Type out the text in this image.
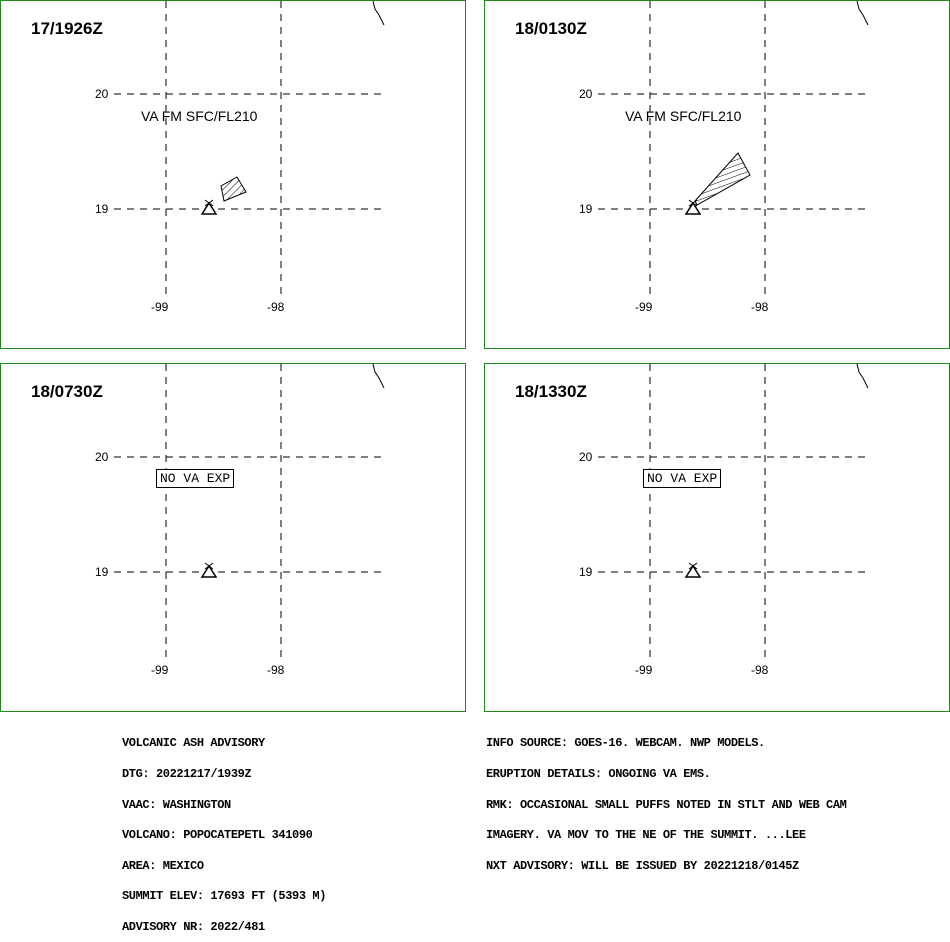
17/1926Z
20
19
-99	-98
VA FM SFC/FL210
18/0130Z
20
19
-99	-98
VA FM SFC/FL210
18/0730Z
20
19
-99	-98
NO VA EXP
18/1330Z
20
19
-99	-98
NO VA EXP

VOLCANIC ASH ADVISORY

DTG: 20221217/1939Z

VAAC: WASHINGTON

VOLCANO: POPOCATEPETL 341090

AREA: MEXICO

SUMMIT ELEV: 17693 FT (5393 M)

ADVISORY NR: 2022/481

INFO SOURCE: GOES-16. WEBCAM. NWP MODELS.

ERUPTION DETAILS: ONGOING VA EMS.

RMK: OCCASIONAL SMALL PUFFS NOTED IN STLT AND WEB CAM

IMAGERY. VA MOV TO THE NE OF THE SUMMIT. ...LEE

NXT ADVISORY: WILL BE ISSUED BY 20221218/0145Z
